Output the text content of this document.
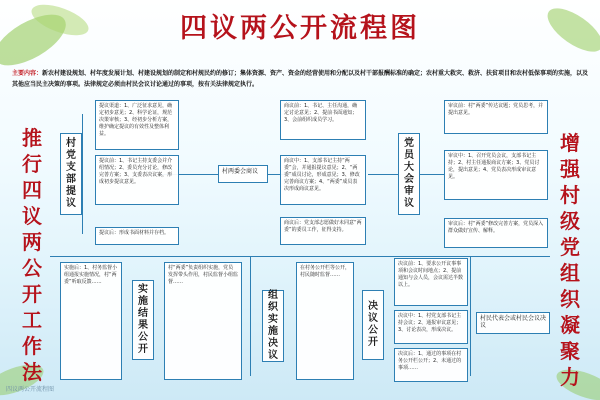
四议两公开流程图
主要内容：新农村建设规划、村年度发展计划、村建设规划的制定和村规民约的修订；集体资源、资产、资金的经营使用和分配以及村干部报酬标准的确定；农村重大救灾、救济、扶贫项目和农村低保事项的实施，以及其他应当民主决策的事项。法律规定必须由村民会议讨论通过的事项，按有关法律规定执行。
推行四议两公开工作法
增强村级党组织凝聚力
村党支部提议
提议渠道：1、广泛征求意见，确定初步意见；2、科学论证，规范决策审核；3、经初步分析方案，维护确定提议的有效性及整体利益。
提议前：1、书记主持支委会并介绍情况；2、委员充分讨论，修改完善方案；3、支委表决议案，形成初步提议意见。
提议后：形成书面材料并存档。
村两委会商议
商议前：1、书记、主任沟通，确定讨论意见；2、提前书面通知；3、会前组织成员学习。
商议中：1、支部书记主持“两委”会，并通报提议意见；2、“两委”成员讨论，形成意见；3、修改完善商议方案；4、“两委”成员表决形成商议意见。
商议后：党支部志愿做好未同意“两委”的委员工作，征得支持。
党员大会审议
审议前：村“两委”传达议题；党员思考，并提出意见。
审议中：1、召开党员会议，支部书记主持；2、村主任通报商议方案；3、党员讨论，提出意见；4、党员表决形成审议意见。
审议后：村“两委”修改完善方案，党员深入群众做好宣传、解释。
实施后：1、村务监督小组通报实施情况，村“两委”听取反馈……
实施结果公开
村“两委”负责组织实施，党员发挥带头作用，村民监督小组监督……
组织实施决议
在村务公开栏等公开，村民随时监督……
决议公开
决议前：1、要求公开议事事项和会议时间地点；2、提前通知与会人员，会议需达半数以上。
决议中：1、村党支部书记主持会议；2、通报审议意见；3、讨论表决，形成决议。
决议后：1、通过的事项在村务公开栏公开；2、未通过的事项……
村民代表会或村民会议决议
四议两公开流程图
